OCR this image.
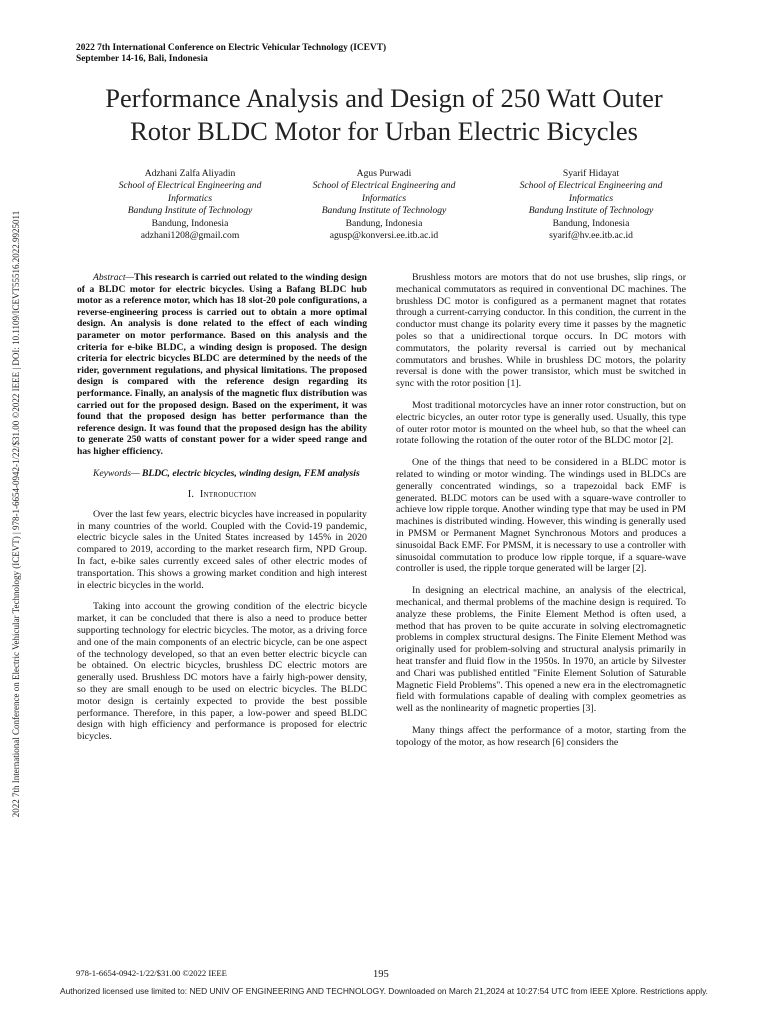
2022 7th International Conference on Electric Vehicular Technology (ICEVT)
September 14-16, Bali, Indonesia
2022 7th International Conference on Electric Vehicular Technology (ICEVT) | 978-1-6654-0942-1/22/$31.00 ©2022 IEEE | DOI: 10.1109/ICEVT55516.2022.9925011
Performance Analysis and Design of 250 Watt Outer
Rotor BLDC Motor for Urban Electric Bicycles
Adzhani Zalfa Aliyadin
School of Electrical Engineering and
Informatics
Bandung Institute of Technology
Bandung, Indonesia
adzhani1208@gmail.com
Agus Purwadi
School of Electrical Engineering and
Informatics
Bandung Institute of Technology
Bandung, Indonesia
agusp@konversi.ee.itb.ac.id
Syarif Hidayat
School of Electrical Engineering and
Informatics
Bandung Institute of Technology
Bandung, Indonesia
syarif@hv.ee.itb.ac.id

Abstract—This research is carried out related to the winding design of a BLDC motor for electric bicycles. Using a Bafang BLDC hub motor as a reference motor, which has 18 slot-20 pole configurations, a reverse-engineering process is carried out to obtain a more optimal design. An analysis is done related to the effect of each winding parameter on motor performance. Based on this analysis and the criteria for e-bike BLDC, a winding design is proposed. The design criteria for electric bicycles BLDC are determined by the needs of the rider, government regulations, and physical limitations. The proposed design is compared with the reference design regarding its performance. Finally, an analysis of the magnetic flux distribution was carried out for the proposed design. Based on the experiment, it was found that the proposed design has better performance than the reference design. It was found that the proposed design has the ability to generate 250 watts of constant power for a wider speed range and has higher efficiency.

Keywords— BLDC, electric bicycles, winding design, FEM analysis

I. Introduction

Over the last few years, electric bicycles have increased in popularity in many countries of the world. Coupled with the Covid-19 pandemic, electric bicycle sales in the United States increased by 145% in 2020 compared to 2019, according to the market research firm, NPD Group. In fact, e-bike sales currently exceed sales of other electric modes of transportation. This shows a growing market condition and high interest in electric bicycles in the world.

Taking into account the growing condition of the electric bicycle market, it can be concluded that there is also a need to produce better supporting technology for electric bicycles. The motor, as a driving force and one of the main components of an electric bicycle, can be one aspect of the technology developed, so that an even better electric bicycle can be obtained. On electric bicycles, brushless DC electric motors are generally used. Brushless DC motors have a fairly high-power density, so they are small enough to be used on electric bicycles. The BLDC motor design is certainly expected to provide the best possible performance. Therefore, in this paper, a low-power and speed BLDC design with high efficiency and performance is proposed for electric bicycles.

Brushless motors are motors that do not use brushes, slip rings, or mechanical commutators as required in conventional DC machines. The brushless DC motor is configured as a permanent magnet that rotates through a current-carrying conductor. In this condition, the current in the conductor must change its polarity every time it passes by the magnetic poles so that a unidirectional torque occurs. In DC motors with commutators, the polarity reversal is carried out by mechanical commutators and brushes. While in brushless DC motors, the polarity reversal is done with the power transistor, which must be switched in sync with the rotor position [1].

Most traditional motorcycles have an inner rotor construction, but on electric bicycles, an outer rotor type is generally used. Usually, this type of outer rotor motor is mounted on the wheel hub, so that the wheel can rotate following the rotation of the outer rotor of the BLDC motor [2].

One of the things that need to be considered in a BLDC motor is related to winding or motor winding. The windings used in BLDCs are generally concentrated windings, so a trapezoidal back EMF is generated. BLDC motors can be used with a square-wave controller to achieve low ripple torque. Another winding type that may be used in PM machines is distributed winding. However, this winding is generally used in PMSM or Permanent Magnet Synchronous Motors and produces a sinusoidal Back EMF. For PMSM, it is necessary to use a controller with sinusoidal commutation to produce low ripple torque, if a square-wave controller is used, the ripple torque generated will be larger [2].

In designing an electrical machine, an analysis of the electrical, mechanical, and thermal problems of the machine design is required. To analyze these problems, the Finite Element Method is often used, a method that has proven to be quite accurate in solving electromagnetic problems in complex structural designs. The Finite Element Method was originally used for problem-solving and structural analysis primarily in heat transfer and fluid flow in the 1950s. In 1970, an article by Silvester and Chari was published entitled "Finite Element Solution of Saturable Magnetic Field Problems". This opened a new era in the electromagnetic field with formulations capable of dealing with complex geometries as well as the nonlinearity of magnetic properties [3].

Many things affect the performance of a motor, starting from the topology of the motor, as how research [6] considers the

978-1-6654-0942-1/22/$31.00 ©2022 IEEE	195
Authorized licensed use limited to: NED UNIV OF ENGINEERING AND TECHNOLOGY. Downloaded on March 21,2024 at 10:27:54 UTC from IEEE Xplore. Restrictions apply.
